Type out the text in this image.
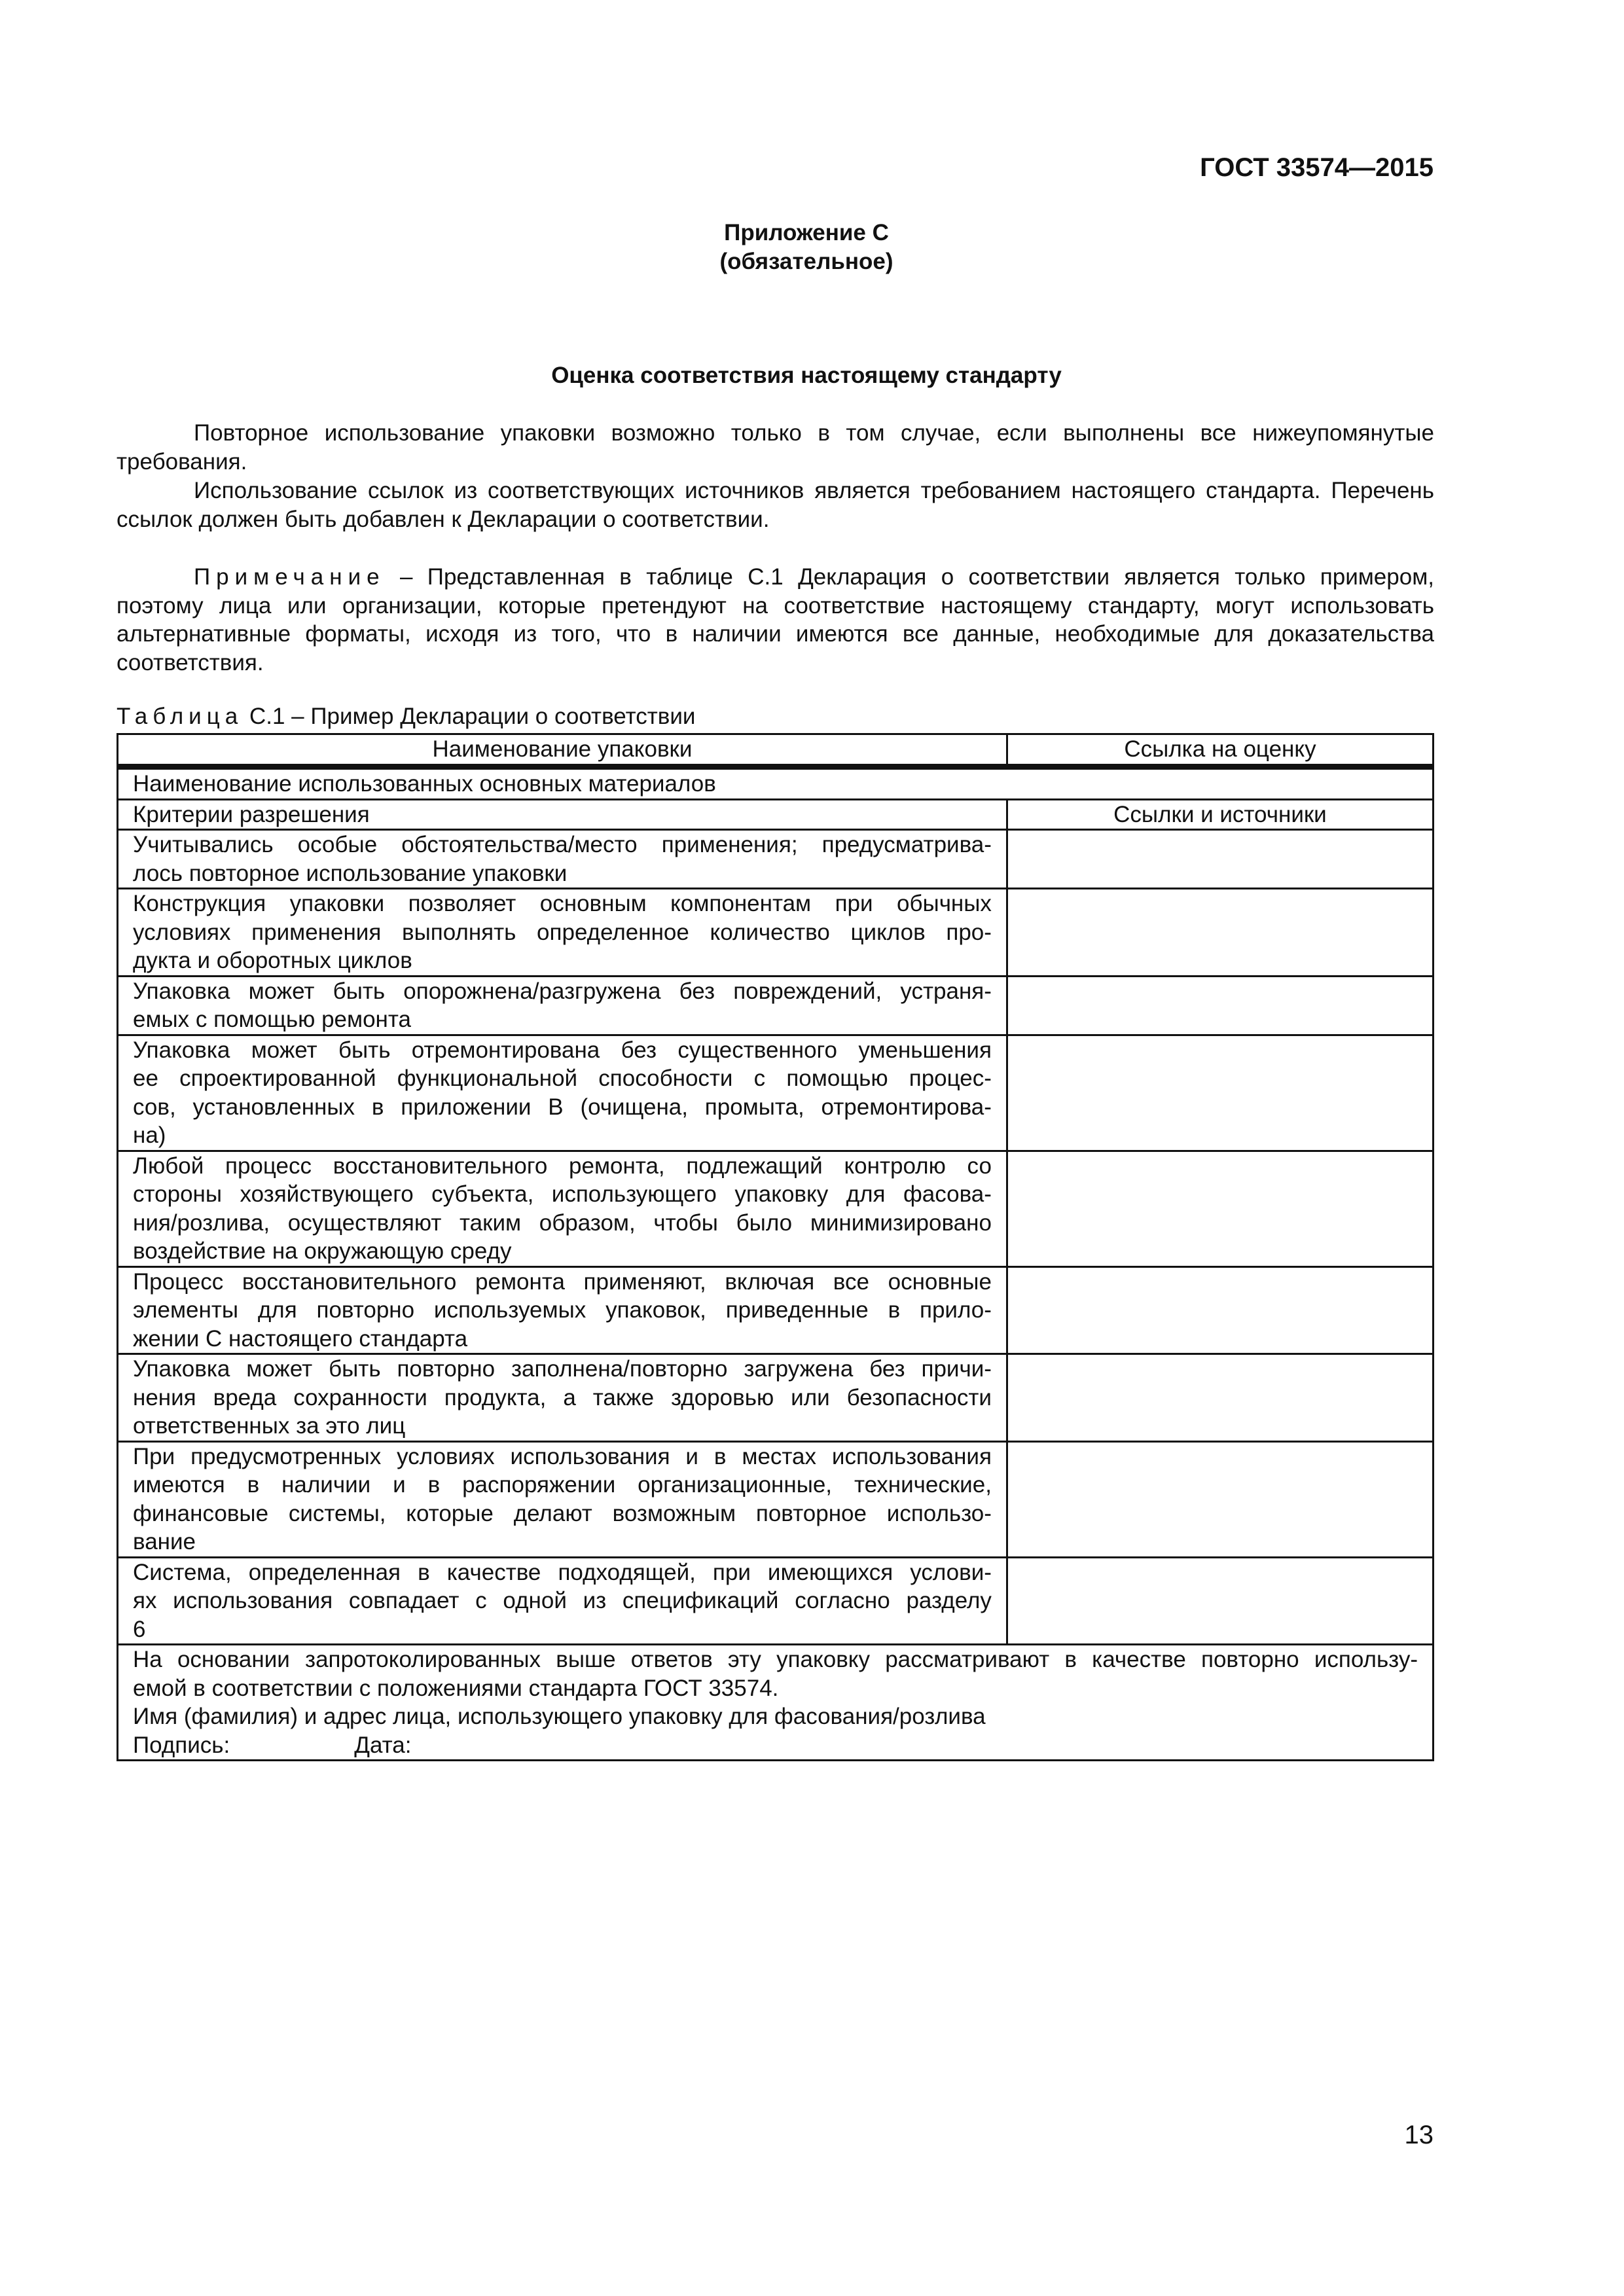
ГОСТ 33574—2015
Приложение С
(обязательное)
Оценка соответствия настоящему стандарту
Повторное использование упаковки возможно только в том случае, если выполнены все нижеупомянутые требования.
Использование ссылок из соответствующих источников является требованием настоящего стандарта. Перечень ссылок должен быть добавлен к Декларации о соответствии.
Примечание – Представленная в таблице С.1 Декларация о соответствии является только примером, поэтому лица или организации, которые претендуют на соответствие настоящему стандарту, могут использовать альтернативные форматы, исходя из того, что в наличии имеются все данные, необходимые для доказательства соответствия.
Таблица С.1 – Пример Декларации о соответствии
Наименование упаковки	Ссылка на оценку
Наименование использованных основных материалов	
Критерии разрешения	Ссылки и источники

Учитывались особые обстоятельства/место применения; предусматрива-
лось повторное использование упаковки	

Конструкция упаковки позволяет основным компонентам при обычных
условиях применения выполнять определенное количество циклов про-
дукта и оборотных циклов	

Упаковка может быть опорожнена/разгружена без повреждений, устраня-
емых с помощью ремонта	

Упаковка может быть отремонтирована без существенного уменьшения
ее спроектированной функциональной способности с помощью процес-
сов, установленных в приложении В (очищена, промыта, отремонтирова-
на)	

Любой процесс восстановительного ремонта, подлежащий контролю со
стороны хозяйствующего субъекта, использующего упаковку для фасова-
ния/розлива, осуществляют таким образом, чтобы было минимизировано
воздействие на окружающую среду	

Процесс восстановительного ремонта применяют, включая все основные
элементы для повторно используемых упаковок, приведенные в прило-
жении С настоящего стандарта	

Упаковка может быть повторно заполнена/повторно загружена без причи-
нения вреда сохранности продукта, а также здоровью или безопасности
ответственных за это лиц	

При предусмотренных условиях использования и в местах использования
имеются в наличии и в распоряжении организационные, технические,
финансовые системы, которые делают возможным повторное использо-
вание	

Система, определенная в качестве подходящей, при имеющихся услови-
ях использования совпадает с одной из спецификаций согласно разделу
6	

На основании запротоколированных выше ответов эту упаковку рассматривают в качестве повторно использу-
емой в соответствии с положениями стандарта ГОСТ 33574.
Имя (фамилия) и адрес лица, использующего упаковку для фасования/розлива
Подпись: Дата:	
13
